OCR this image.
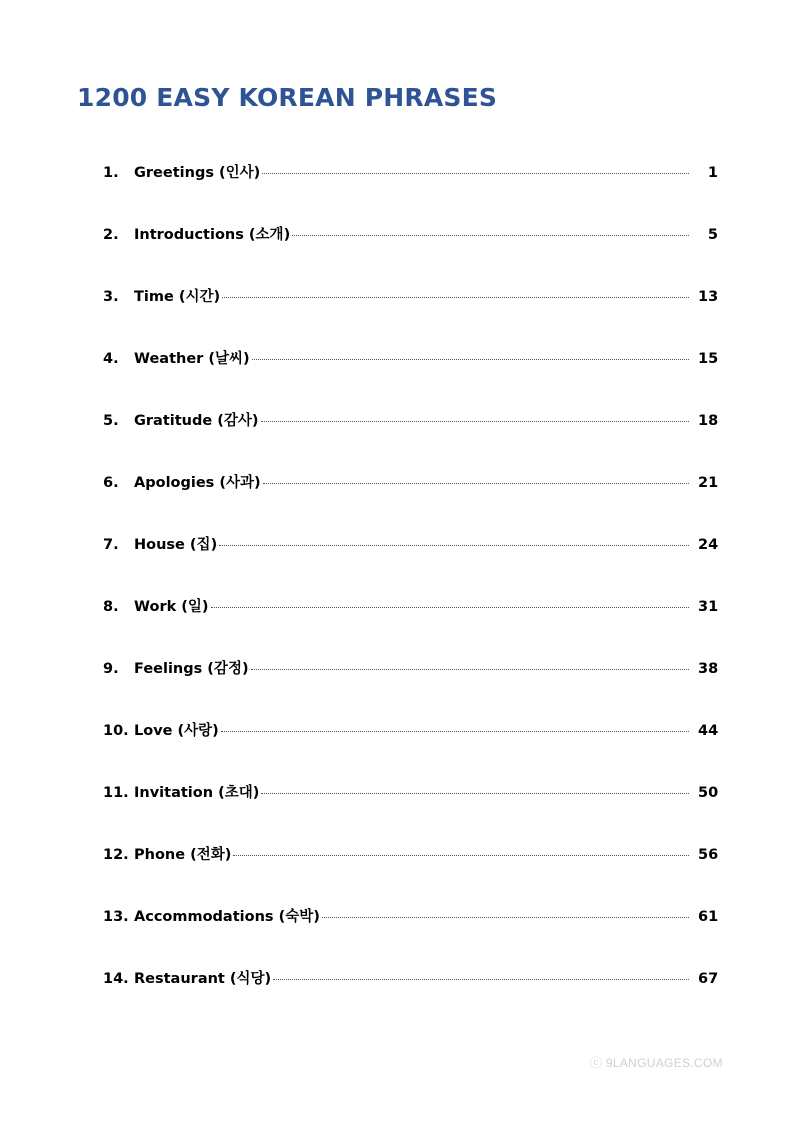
1200 EASY KOREAN PHRASES
1.	Greetings (인사)	1
2.	Introductions (소개)	5
3.	Time (시간)	13
4.	Weather (날씨)	15
5.	Gratitude (감사)	18
6.	Apologies (사과)	21
7.	House (집)	24
8.	Work (일)	31
9.	Feelings (감정)	38
10. Love (사랑)	44
11. Invitation (초대)	50
12. Phone (전화)	56
13. Accommodations (숙박)	61
14. Restaurant (식당)	67
ⓒ 9LANGUAGES.COM
